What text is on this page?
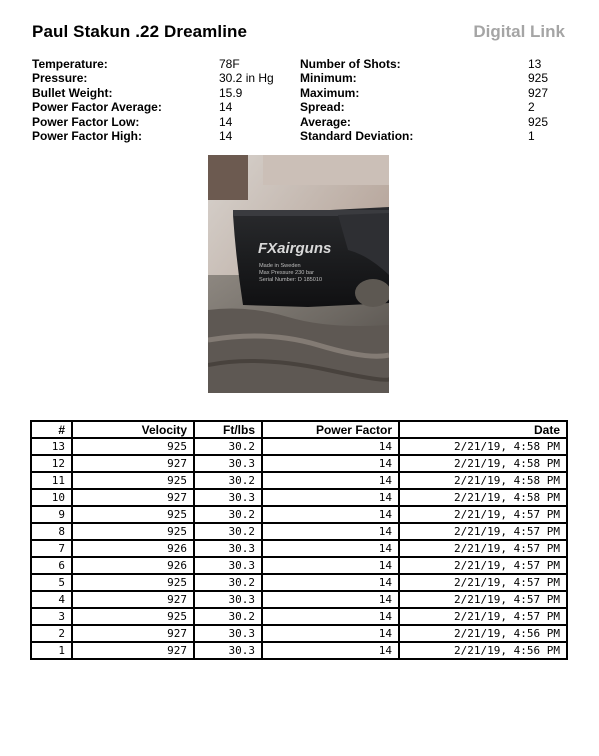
Paul Stakun .22 Dreamline	Digital Link
Temperature:	78F
Pressure:	30.2 in Hg
Bullet Weight:	15.9
Power Factor Average:	14
Power Factor Low:	14
Power Factor High:	14
Number of Shots:	13
Minimum:	925
Maximum:	927
Spread:	2
Average:	925
Standard Deviation:	1
FXairguns
Made in Sweden
Max Pressure 230 bar
Serial Number: D 185010
#	Velocity	Ft/lbs	Power Factor	Date
13	925	30.2	14	2/21/19, 4:58 PM
12	927	30.3	14	2/21/19, 4:58 PM
11	925	30.2	14	2/21/19, 4:58 PM
10	927	30.3	14	2/21/19, 4:58 PM
9	925	30.2	14	2/21/19, 4:57 PM
8	925	30.2	14	2/21/19, 4:57 PM
7	926	30.3	14	2/21/19, 4:57 PM
6	926	30.3	14	2/21/19, 4:57 PM
5	925	30.2	14	2/21/19, 4:57 PM
4	927	30.3	14	2/21/19, 4:57 PM
3	925	30.2	14	2/21/19, 4:57 PM
2	927	30.3	14	2/21/19, 4:56 PM
1	927	30.3	14	2/21/19, 4:56 PM
